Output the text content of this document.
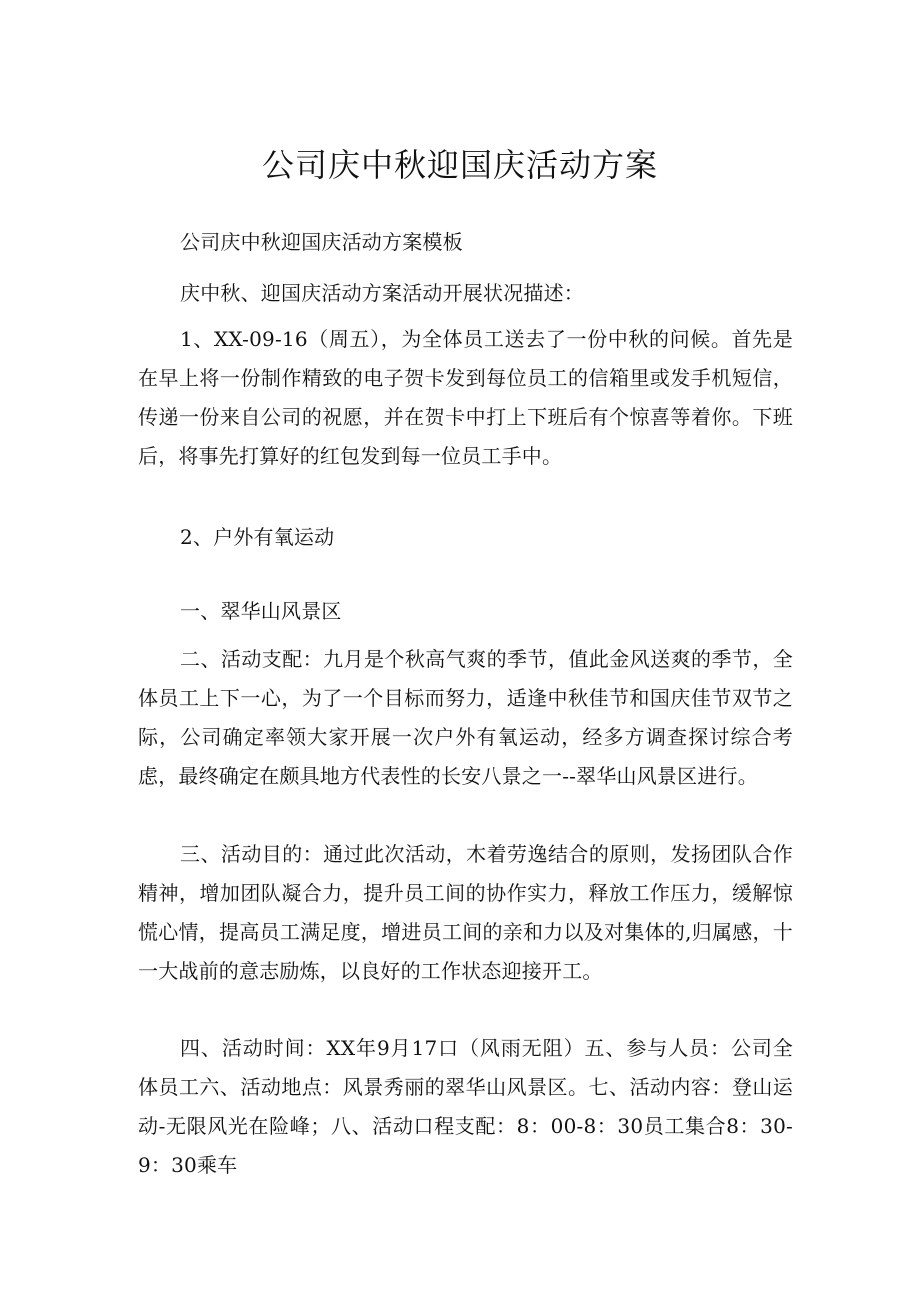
公司庆中秋迎国庆活动方案

公司庆中秋迎国庆活动方案模板

庆中秋、迎国庆活动方案活动开展状况描述：

1、XX-09-16（周五），为全体员工送去了一份中秋的问候。首先是在早上将一份制作精致的电子贺卡发到每位员工的信箱里或发手机短信，传递一份来自公司的祝愿，并在贺卡中打上下班后有个惊喜等着你。下班后，将事先打算好的红包发到每一位员工手中。

2、户外有氧运动

一、翠华山风景区

二、活动支配：九月是个秋高气爽的季节，值此金风送爽的季节，全体员工上下一心，为了一个目标而努力，适逢中秋佳节和国庆佳节双节之际，公司确定率领大家开展一次户外有氧运动，经多方调查探讨综合考虑，最终确定在颇具地方代表性的长安八景之一--翠华山风景区进行。

三、活动目的：通过此次活动，木着劳逸结合的原则，发扬团队合作精神，增加团队凝合力，提升员工间的协作实力，释放工作压力，缓解惊慌心情，提高员工满足度，增进员工间的亲和力以及对集体的,归属感，十一大战前的意志励炼，以良好的工作状态迎接开工。

四、活动时间：XX年9月17口（风雨无阻）五、参与人员：公司全体员工六、活动地点：风景秀丽的翠华山风景区。七、活动内容：登山运动-无限风光在险峰；八、活动口程支配：8：00-8：30员工集合8：30-9：30乘车
